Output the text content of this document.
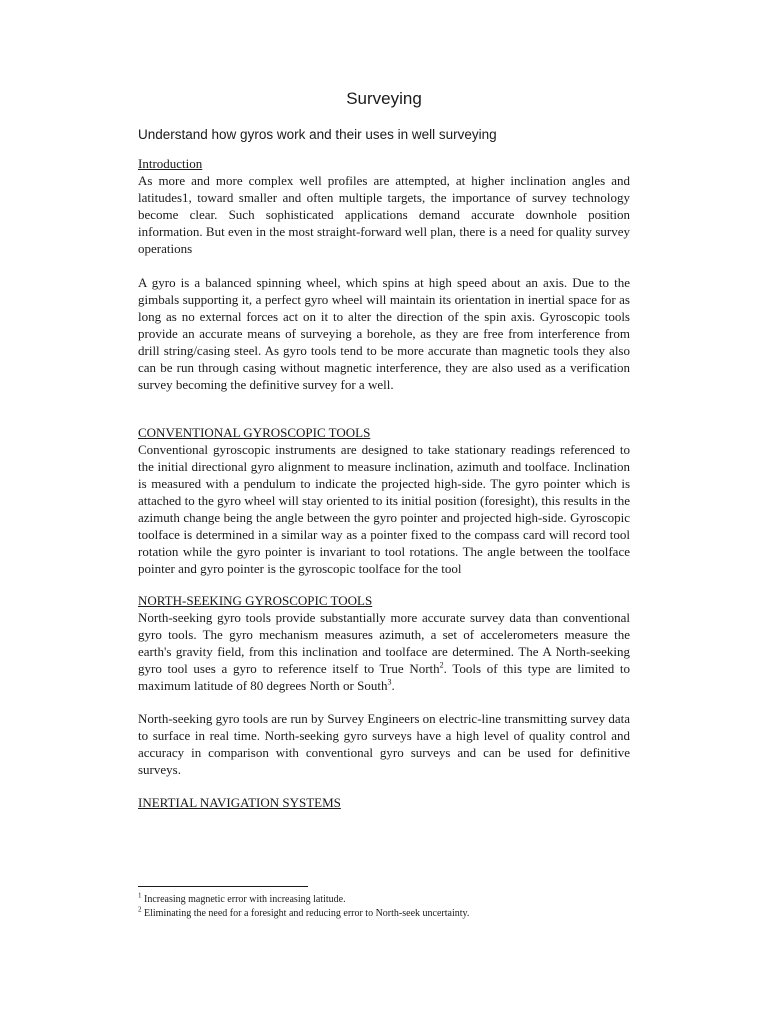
Surveying

Understand how gyros work and their uses in well surveying

Introduction

As more and more complex well profiles are attempted, at higher inclination angles and latitudes1, toward smaller and often multiple targets, the importance of survey technology become clear. Such sophisticated applications demand accurate downhole position information. But even in the most straight-forward well plan, there is a need for quality survey operations

A gyro is a balanced spinning wheel, which spins at high speed about an axis. Due to the gimbals supporting it, a perfect gyro wheel will maintain its orientation in inertial space for as long as no external forces act on it to alter the direction of the spin axis. Gyroscopic tools provide an accurate means of surveying a borehole, as they are free from interference from drill string/casing steel. As gyro tools tend to be more accurate than magnetic tools they also can be run through casing without magnetic interference, they are also used as a verification survey becoming the definitive survey for a well.

CONVENTIONAL GYROSCOPIC TOOLS

Conventional gyroscopic instruments are designed to take stationary readings referenced to the initial directional gyro alignment to measure inclination, azimuth and toolface. Inclination is measured with a pendulum to indicate the projected high-side. The gyro pointer which is attached to the gyro wheel will stay oriented to its initial position (foresight), this results in the azimuth change being the angle between the gyro pointer and projected high-side. Gyroscopic toolface is determined in a similar way as a pointer fixed to the compass card will record tool rotation while the gyro pointer is invariant to tool rotations. The angle between the toolface pointer and gyro pointer is the gyroscopic toolface for the tool

NORTH-SEEKING GYROSCOPIC TOOLS

North-seeking gyro tools provide substantially more accurate survey data than conventional gyro tools. The gyro mechanism measures azimuth, a set of accelerometers measure the earth's gravity field, from this inclination and toolface are determined. The A North-seeking gyro tool uses a gyro to reference itself to True North$^2$. Tools of this type are limited to maximum latitude of 80 degrees North or South$^3$.

North-seeking gyro tools are run by Survey Engineers on electric-line transmitting survey data to surface in real time. North-seeking gyro surveys have a high level of quality control and accuracy in comparison with conventional gyro surveys and can be used for definitive surveys.

INERTIAL NAVIGATION SYSTEMS

$^1$ Increasing magnetic error with increasing latitude.

$^2$ Eliminating the need for a foresight and reducing error to North-seek uncertainty.
